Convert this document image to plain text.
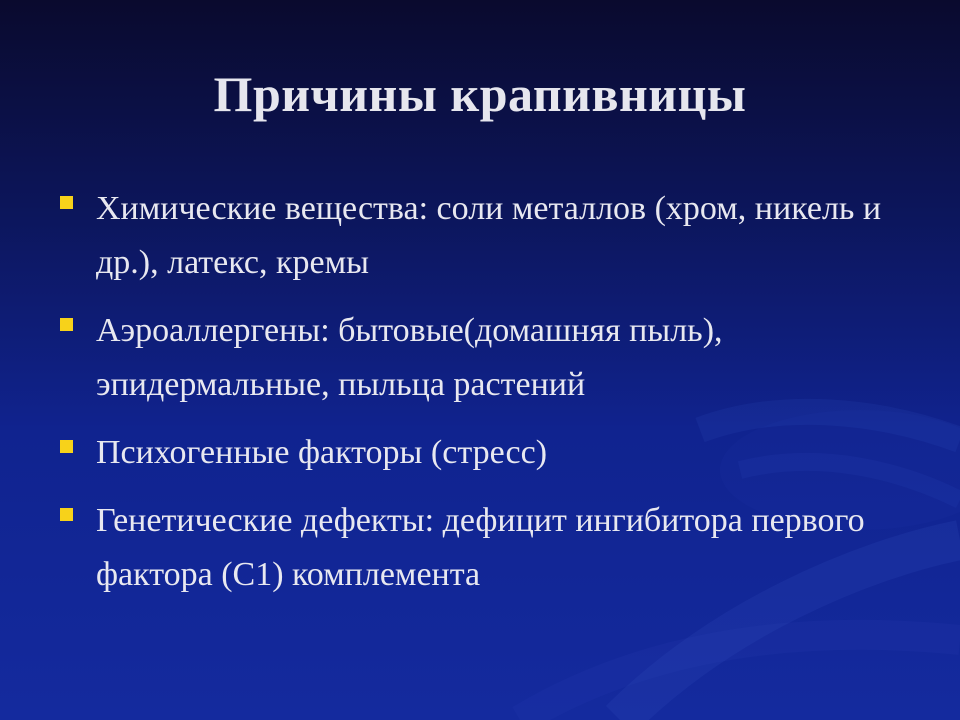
Причины крапивницы
Химические вещества: соли металлов (хром, никель и др.), латекс, кремы
Аэроаллергены: бытовые(домашняя пыль), эпидермальные, пыльца растений
Психогенные факторы (стресс)
Генетические дефекты: дефицит ингибитора первого фактора (С1) комплемента
